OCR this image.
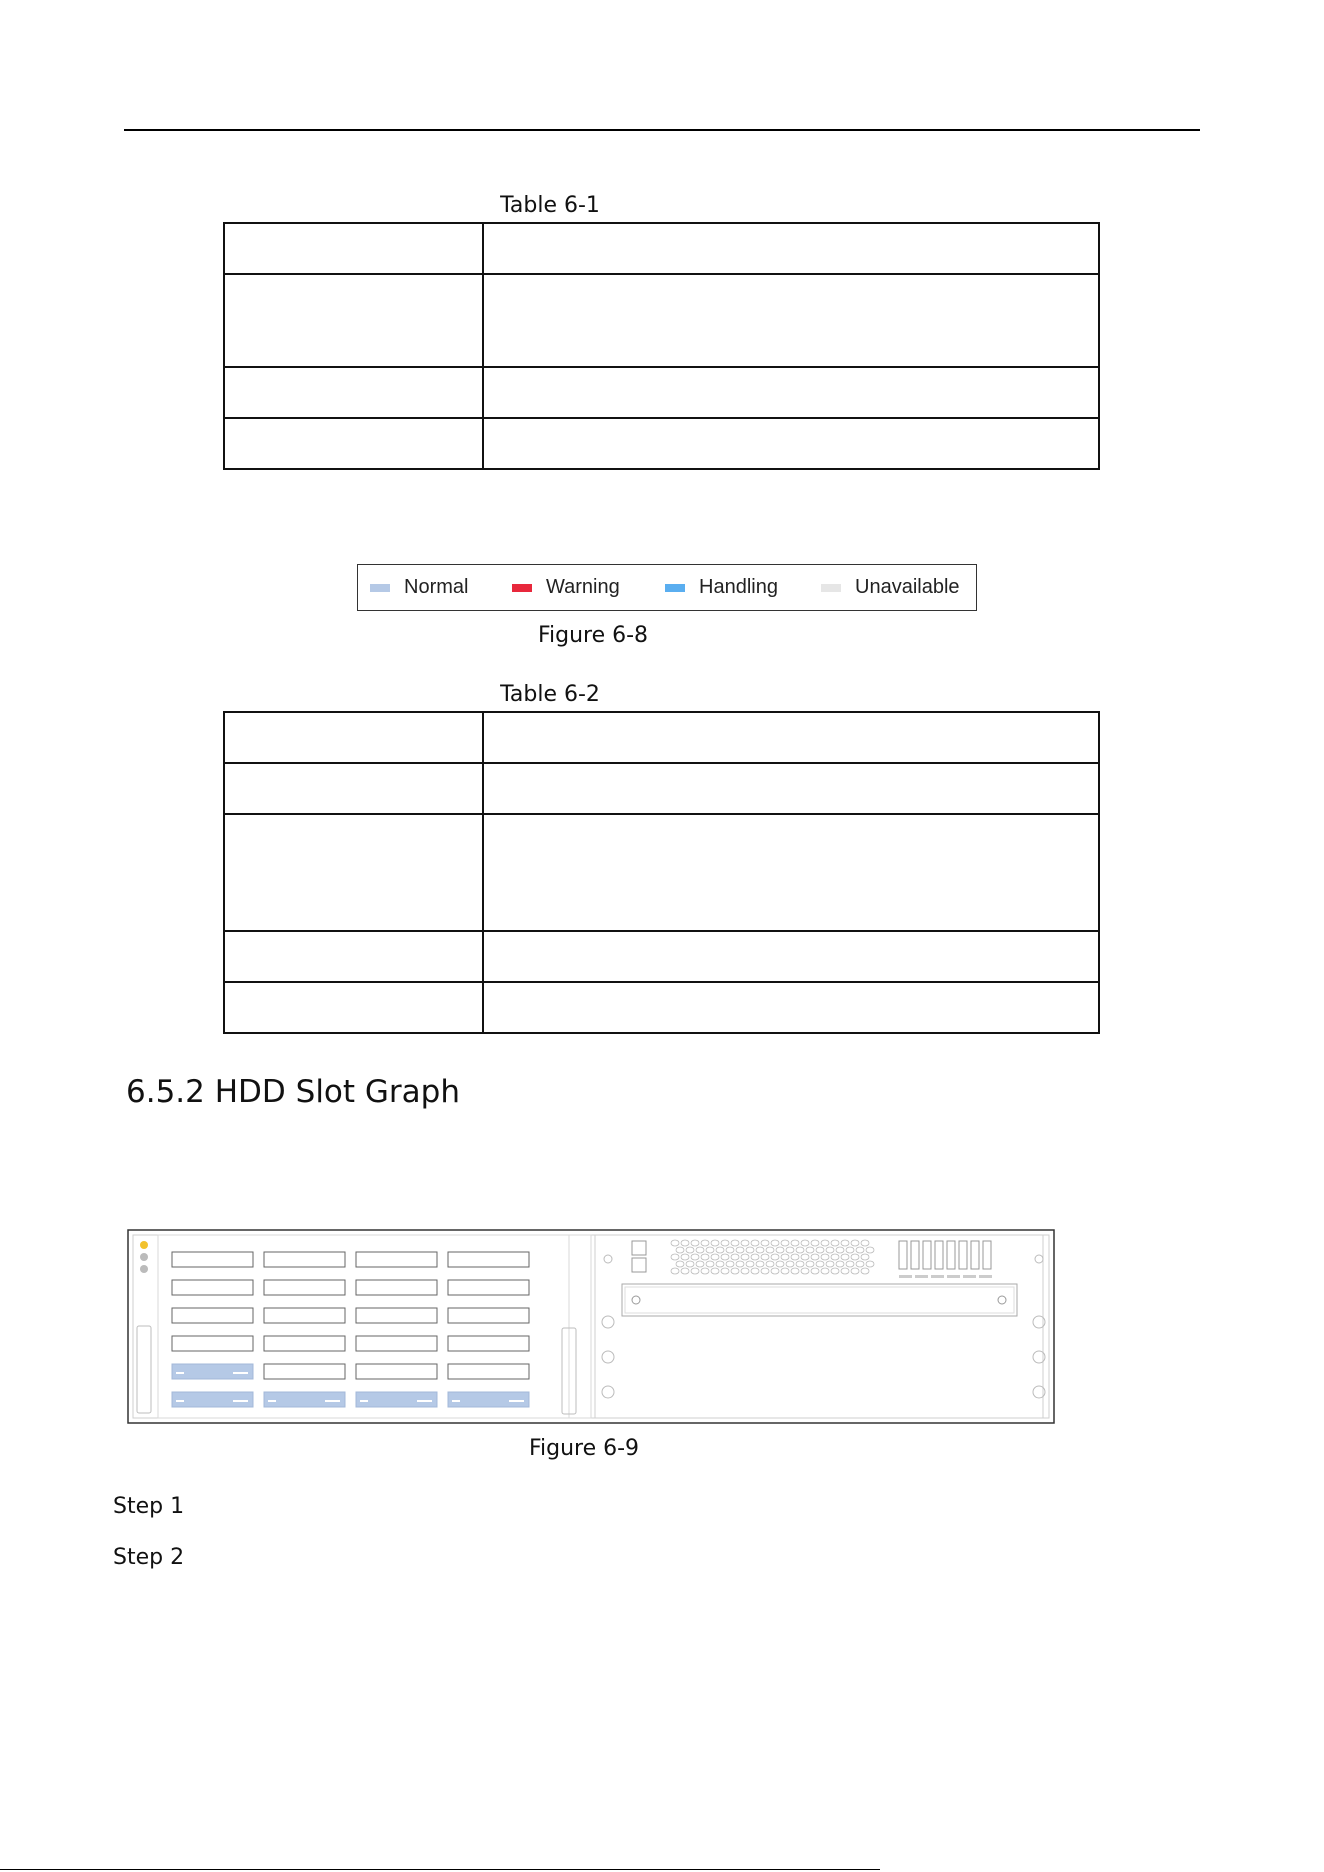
Table 6-1

Normal	Warning	Handling	Unavailable
Figure 6-8
Table 6-2

6.5.2 HDD Slot Graph
Figure 6-9
Step 1
Step 2
